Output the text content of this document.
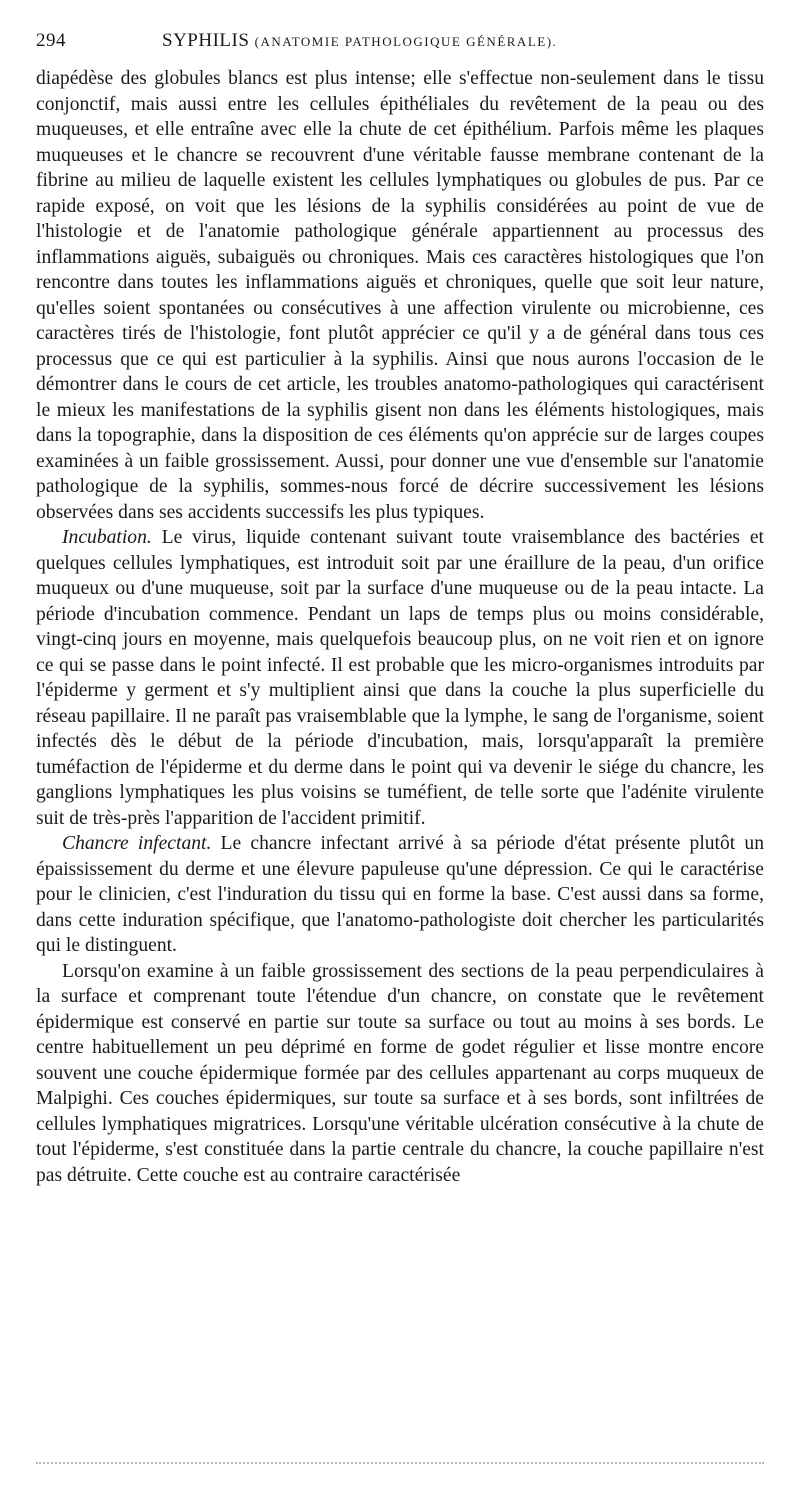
294	SYPHILIS (ANATOMIE PATHOLOGIQUE GÉNÉRALE).

diapédèse des globules blancs est plus intense; elle s'effectue non-seulement dans le tissu conjonctif, mais aussi entre les cellules épithéliales du revêtement de la peau ou des muqueuses, et elle entraîne avec elle la chute de cet épithélium. Parfois même les plaques muqueuses et le chancre se recouvrent d'une véritable fausse membrane contenant de la fibrine au milieu de laquelle existent les cellules lymphatiques ou globules de pus. Par ce rapide exposé, on voit que les lésions de la syphilis considérées au point de vue de l'histologie et de l'anatomie pathologique générale appartiennent au processus des inflammations aiguës, subaiguës ou chroniques. Mais ces caractères histologiques que l'on rencontre dans toutes les inflammations aiguës et chroniques, quelle que soit leur nature, qu'elles soient spontanées ou consécutives à une affection virulente ou microbienne, ces caractères tirés de l'histologie, font plutôt apprécier ce qu'il y a de général dans tous ces processus que ce qui est particulier à la syphilis. Ainsi que nous aurons l'occasion de le démontrer dans le cours de cet article, les troubles anatomo-pathologiques qui caractérisent le mieux les manifestations de la syphilis gisent non dans les éléments histologiques, mais dans la topographie, dans la disposition de ces éléments qu'on apprécie sur de larges coupes examinées à un faible grossissement. Aussi, pour donner une vue d'ensemble sur l'anatomie pathologique de la syphilis, sommes-nous forcé de décrire successivement les lésions observées dans ses accidents successifs les plus typiques.

Incubation. Le virus, liquide contenant suivant toute vraisemblance des bactéries et quelques cellules lymphatiques, est introduit soit par une éraillure de la peau, d'un orifice muqueux ou d'une muqueuse, soit par la surface d'une muqueuse ou de la peau intacte. La période d'incubation commence. Pendant un laps de temps plus ou moins considérable, vingt-cinq jours en moyenne, mais quelquefois beaucoup plus, on ne voit rien et on ignore ce qui se passe dans le point infecté. Il est probable que les micro-organismes introduits par l'épiderme y germent et s'y multiplient ainsi que dans la couche la plus superficielle du réseau papillaire. Il ne paraît pas vraisemblable que la lymphe, le sang de l'organisme, soient infectés dès le début de la période d'incubation, mais, lorsqu'apparaît la première tuméfaction de l'épiderme et du derme dans le point qui va devenir le siége du chancre, les ganglions lymphatiques les plus voisins se tuméfient, de telle sorte que l'adénite virulente suit de très-près l'apparition de l'accident primitif.

Chancre infectant. Le chancre infectant arrivé à sa période d'état présente plutôt un épaississement du derme et une élevure papuleuse qu'une dépression. Ce qui le caractérise pour le clinicien, c'est l'induration du tissu qui en forme la base. C'est aussi dans sa forme, dans cette induration spécifique, que l'anatomo-pathologiste doit chercher les particularités qui le distinguent.

Lorsqu'on examine à un faible grossissement des sections de la peau perpendiculaires à la surface et comprenant toute l'étendue d'un chancre, on constate que le revêtement épidermique est conservé en partie sur toute sa surface ou tout au moins à ses bords. Le centre habituellement un peu déprimé en forme de godet régulier et lisse montre encore souvent une couche épidermique formée par des cellules appartenant au corps muqueux de Malpighi. Ces couches épidermiques, sur toute sa surface et à ses bords, sont infiltrées de cellules lymphatiques migratrices. Lorsqu'une véritable ulcération consécutive à la chute de tout l'épiderme, s'est constituée dans la partie centrale du chancre, la couche papillaire n'est pas détruite. Cette couche est au contraire caractérisée
